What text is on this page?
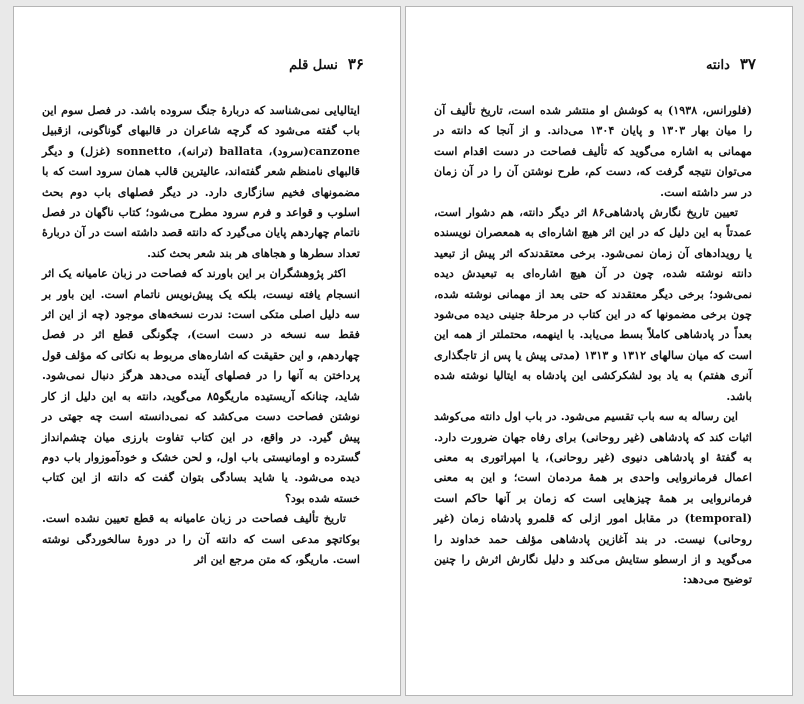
۳۶
نسل قلم

ایتالیایی نمی‌شناسد که دربارهٔ جنگ سروده باشد. در فصل سوم این باب گفته می‌شود که گرچه شاعران در قالبهای گوناگونی، ازقبیل canzone(سرود)، ballata (ترانه)، sonnetto (غزل) و دیگر قالبهای نامنظم شعر گفته‌اند، عالیترین قالب همان سرود است که با مضمونهای فخیم سازگاری دارد. در دیگر فصلهای باب دوم بحث اسلوب و قواعد و فرم سرود مطرح می‌شود؛ کتاب ناگهان در فصل ناتمام چهاردهم پایان می‌گیرد که دانته قصد داشته است در آن دربارهٔ تعداد سطرها و هجاهای هر بند شعر بحث کند.

اکثر پژوهشگران بر این باورند که فصاحت در زبان عامیانه یک اثر انسجام یافته نیست، بلکه یک پیش‌نویس ناتمام است. این باور بر سه دلیل اصلی متکی است: ندرت نسخه‌های موجود (چه از این اثر فقط سه نسخه در دست است)، چگونگی قطع اثر در فصل چهاردهم، و این حقیقت که اشاره‌های مربوط به نکاتی که مؤلف قول پرداختن به آنها را در فصلهای آینده می‌دهد هرگز دنبال نمی‌شود. شاید، چنانکه آریستیده ماریگو۸۵ می‌گوید، دانته به این دلیل از کار نوشتن فصاحت دست می‌کشد که نمی‌دانسته است چه جهتی در پیش گیرد. در واقع، در این کتاب تفاوت بارزی میان چشم‌انداز گسترده و اومانیستی باب اول، و لحن خشک و خودآموزوار باب دوم دیده می‌شود. یا شاید بسادگی بتوان گفت که دانته از این کتاب خسته شده بود؟

تاریخ تألیف فصاحت در زبان عامیانه به قطع تعیین نشده است. بوکاتچو مدعی است که دانته آن را در دورهٔ سالخوردگی نوشته است. ماریگو، که متن مرجع این اثر

۳۷
دانته

(فلورانس، ۱۹۳۸) به کوشش او منتشر شده است، تاریخ تألیف آن را میان بهار ۱۳۰۳ و پایان ۱۳۰۴ می‌داند. و از آنجا که دانته در مهمانی به اشاره می‌گوید که تألیف فصاحت در دست اقدام است می‌توان نتیجه گرفت که، دست کم، طرح نوشتن آن را در آن زمان در سر داشته است.

تعیین تاریخ نگارش پادشاهی۸۶ اثر دیگر دانته، هم دشوار است، عمدتاً به این دلیل که در این اثر هیچ اشاره‌ای به همعصران نویسنده یا رویدادهای آن زمان نمی‌شود. برخی معتقدندکه اثر پیش از تبعید دانته نوشته شده، چون در آن هیچ اشاره‌ای به تبعیدش دیده نمی‌شود؛ برخی دیگر معتقدند که حتی بعد از مهمانی نوشته شده، چون برخی مضمونها که در این کتاب در مرحلهٔ جنینی دیده می‌شود بعداً در پادشاهی کاملاً بسط می‌یابد. با اینهمه، محتملتر از همه این است که میان سالهای ۱۳۱۲ و ۱۳۱۳ (مدتی پیش یا پس از تاجگذاری آنری هفتم) به یاد بود لشکرکشی این پادشاه به ایتالیا نوشته شده باشد.

این رساله به سه باب تقسیم می‌شود. در باب اول دانته می‌کوشد اثبات کند که پادشاهی (غیر روحانی) برای رفاه جهان ضرورت دارد. به گفتهٔ او پادشاهی دنیوی (غیر روحانی)، یا امپراتوری به معنی اعمال فرمانروایی واحدی بر همهٔ مردمان است؛ و این به معنی فرمانروایی بر همهٔ چیزهایی است که زمان بر آنها حاکم است (temporal) در مقابل امور ازلی که قلمرو پادشاه زمان (غیر روحانی) نیست. در بند آغازین پادشاهی مؤلف حمد خداوند را می‌گوید و از ارسطو ستایش می‌کند و دلیل نگارش اثرش را چنین توضیح می‌دهد:
